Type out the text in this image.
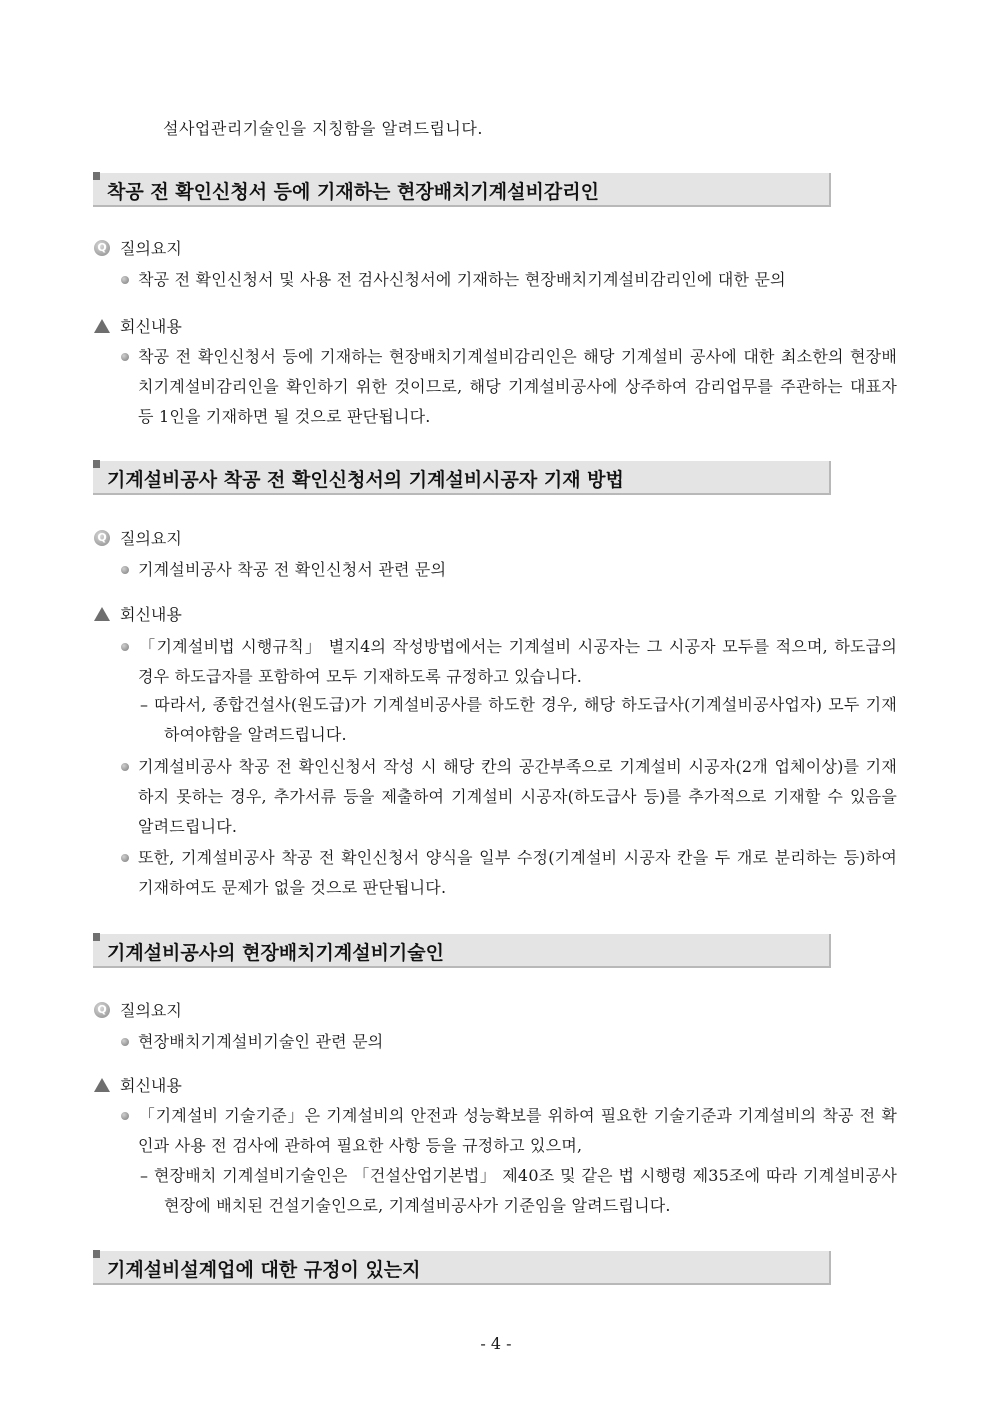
설사업관리기술인을 지칭함을 알려드립니다.
착공 전 확인신청서 등에 기재하는 현장배치기계설비감리인
Q 질의요지
착공 전 확인신청서 및 사용 전 검사신청서에 기재하는 현장배치기계설비감리인에 대한 문의
회신내용
착공 전 확인신청서 등에 기재하는 현장배치기계설비감리인은 해당 기계설비 공사에 대한 최소한의 현장배치기계설비감리인을 확인하기 위한 것이므로, 해당 기계설비공사에 상주하여 감리업무를 주관하는 대표자 등 1인을 기재하면 될 것으로 판단됩니다.
기계설비공사 착공 전 확인신청서의 기계설비시공자 기재 방법
Q 질의요지
기계설비공사 착공 전 확인신청서 관련 문의
회신내용
「기계설비법 시행규칙」 별지4의 작성방법에서는 기계설비 시공자는 그 시공자 모두를 적으며, 하도급의 경우 하도급자를 포함하여 모두 기재하도록 규정하고 있습니다.
– 따라서, 종합건설사(원도급)가 기계설비공사를 하도한 경우, 해당 하도급사(기계설비공사업자) 모두 기재하여야함을 알려드립니다.
기계설비공사 착공 전 확인신청서 작성 시 해당 칸의 공간부족으로 기계설비 시공자(2개 업체이상)를 기재하지 못하는 경우, 추가서류 등을 제출하여 기계설비 시공자(하도급사 등)를 추가적으로 기재할 수 있음을 알려드립니다.
또한, 기계설비공사 착공 전 확인신청서 양식을 일부 수정(기계설비 시공자 칸을 두 개로 분리하는 등)하여 기재하여도 문제가 없을 것으로 판단됩니다.
기계설비공사의 현장배치기계설비기술인
Q 질의요지
현장배치기계설비기술인 관련 문의
회신내용
「기계설비 기술기준」은 기계설비의 안전과 성능확보를 위하여 필요한 기술기준과 기계설비의 착공 전 확인과 사용 전 검사에 관하여 필요한 사항 등을 규정하고 있으며,
– 현장배치 기계설비기술인은 「건설산업기본법」 제40조 및 같은 법 시행령 제35조에 따라 기계설비공사 현장에 배치된 건설기술인으로, 기계설비공사가 기준임을 알려드립니다.
기계설비설계업에 대한 규정이 있는지
- 4 -
